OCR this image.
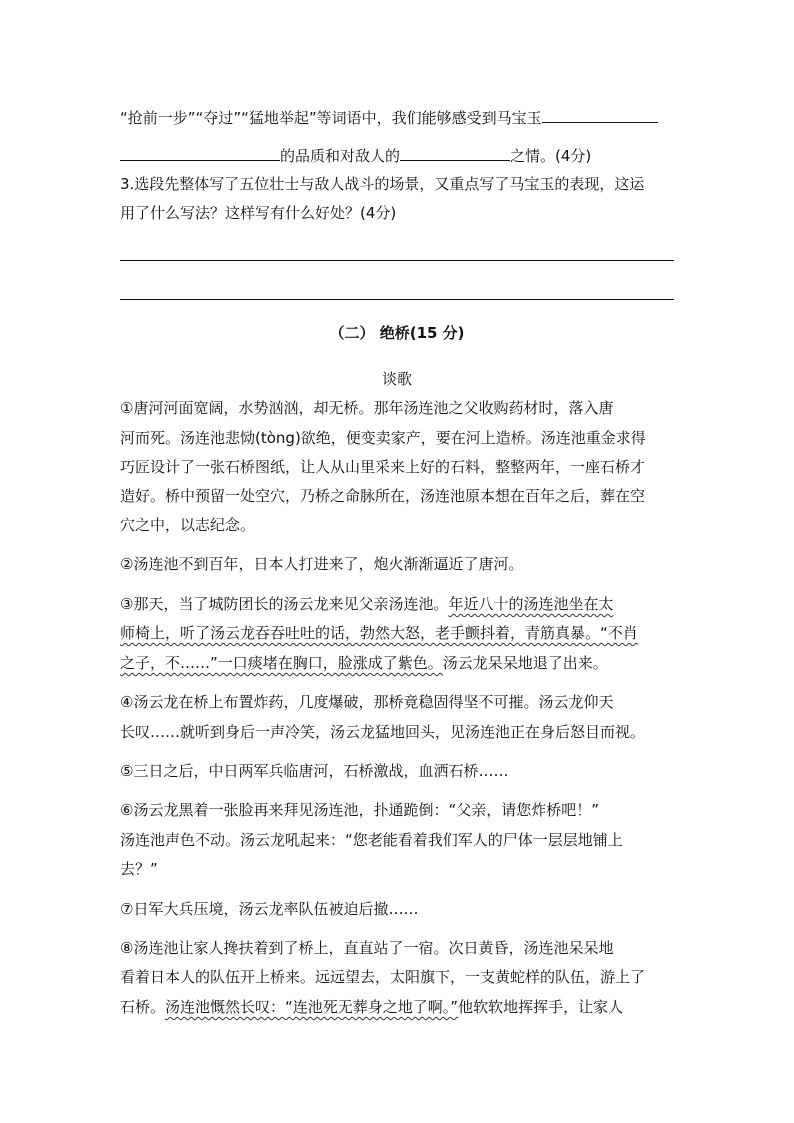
“抢前一步”“夺过”“猛地举起”等词语中，我们能够感受到马宝玉
的品质和对敌人的	之情。(4分)
3.选段先整体写了五位壮士与敌人战斗的场景，又重点写了马宝玉的表现，这运
用了什么写法？这样写有什么好处？(4分)
（二） 绝桥(15 分)
谈歌
①唐河河面宽阔，水势汹汹，却无桥。那年汤连池之父收购药材时，落入唐
河而死。汤连池悲恸(tòng)欲绝，便变卖家产，要在河上造桥。汤连池重金求得
巧匠设计了一张石桥图纸，让人从山里采来上好的石料，整整两年，一座石桥才
造好。桥中预留一处空穴，乃桥之命脉所在，汤连池原本想在百年之后，葬在空
穴之中，以志纪念。
②汤连池不到百年，日本人打进来了，炮火渐渐逼近了唐河。
③那天，当了城防团长的汤云龙来见父亲汤连池。年近八十的汤连池坐在太
师椅上，听了汤云龙吞吞吐吐的话，勃然大怒，老手颤抖着，青筋真暴。“不肖
之子，不……”一口痰堵在胸口，脸涨成了紫色。汤云龙呆呆地退了出来。
④汤云龙在桥上布置炸药，几度爆破，那桥竟稳固得坚不可摧。汤云龙仰天
长叹……就听到身后一声冷笑，汤云龙猛地回头，见汤连池正在身后怒目而视。
⑤三日之后，中日两军兵临唐河，石桥激战，血洒石桥……
⑥汤云龙黑着一张脸再来拜见汤连池，扑通跪倒：“父亲，请您炸桥吧！”
汤连池声色不动。汤云龙吼起来：“您老能看着我们军人的尸体一层层地铺上
去？”
⑦日军大兵压境，汤云龙率队伍被迫后撤……
⑧汤连池让家人搀扶着到了桥上，直直站了一宿。次日黄昏，汤连池呆呆地
看着日本人的队伍开上桥来。远远望去，太阳旗下，一支黄蛇样的队伍，游上了
石桥。汤连池慨然长叹：“连池死无葬身之地了啊。”他软软地挥挥手，让家人
